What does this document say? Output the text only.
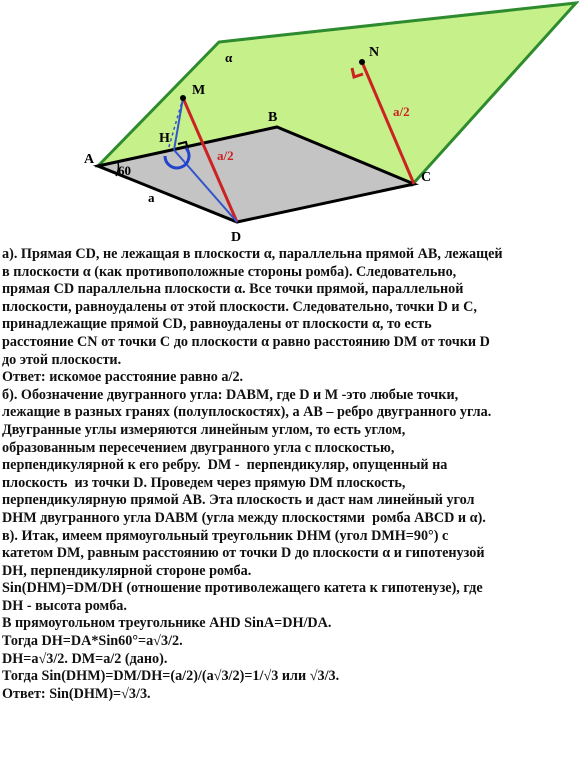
α
M
N
B
H
A
60
a/2
a/2
C
a
D

а). Прямая CD, не лежащая в плоскости α, параллельна прямой AB, лежащей

в плоскости α (как противоположные стороны ромба). Следовательно,

прямая CD параллельна плоскости α. Все точки прямой, параллельной

плоскости, равноудалены от этой плоскости. Следовательно, точки D и C,

принадлежащие прямой CD, равноудалены от плоскости α, то есть

расстояние CN от точки C до плоскости α равно расстоянию DM от точки D

до этой плоскости.

Ответ: искомое расстояние равно a/2.

б). Обозначение двугранного угла: DABM, где D и M -это любые точки,

лежащие в разных гранях (полуплоскостях), а AB – ребро двугранного угла.

Двугранные углы измеряются линейным углом, то есть углом,

образованным пересечением двугранного угла с плоскостью,

перпендикулярной к его ребру.  DM -  перпендикуляр, опущенный на

плоскость  из точки D. Проведем через прямую DM плоскость,

перпендикулярную прямой AB. Эта плоскость и даст нам линейный угол

DHM двугранного угла DABM (угла между плоскостями  ромба ABCD и α).

в). Итак, имеем прямоугольный треугольник DHM (угол DMH=90°) с

катетом DM, равным расстоянию от точки D до плоскости α и гипотенузой

DH, перпендикулярной стороне ромба.

Sin(DHM)=DM/DH (отношение противолежащего катета к гипотенузе), где

DH - высота ромба.

В прямоугольном треугольнике AHD SinA=DH/DA.

Тогда DH=DA*Sin60°=a√3/2.

DH=a√3/2. DM=a/2 (дано).

Тогда Sin(DHM)=DM/DH=(a/2)/(a√3/2)=1/√3 или √3/3.

Ответ: Sin(DHM)=√3/3.
